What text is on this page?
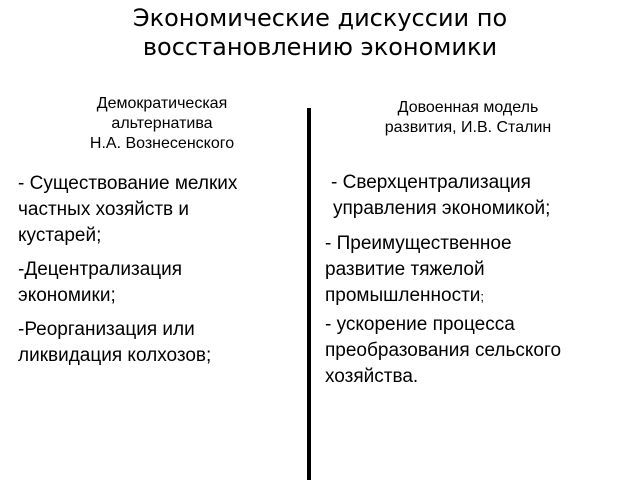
Экономические дискуссии по
восстановлению экономики
Демократическая
альтернатива
Н.А. Вознесенского
Довоенная модель
развития, И.В. Сталин
- Существование мелких
частных хозяйств и
кустарей;
-Децентрализация
экономики;
-Реорганизация или
ликвидация колхозов;
- Сверхцентрализация
управления экономикой;
- Преимущественное
развитие тяжелой
промышленности;
- ускорение процесса
преобразования сельского
хозяйства.
